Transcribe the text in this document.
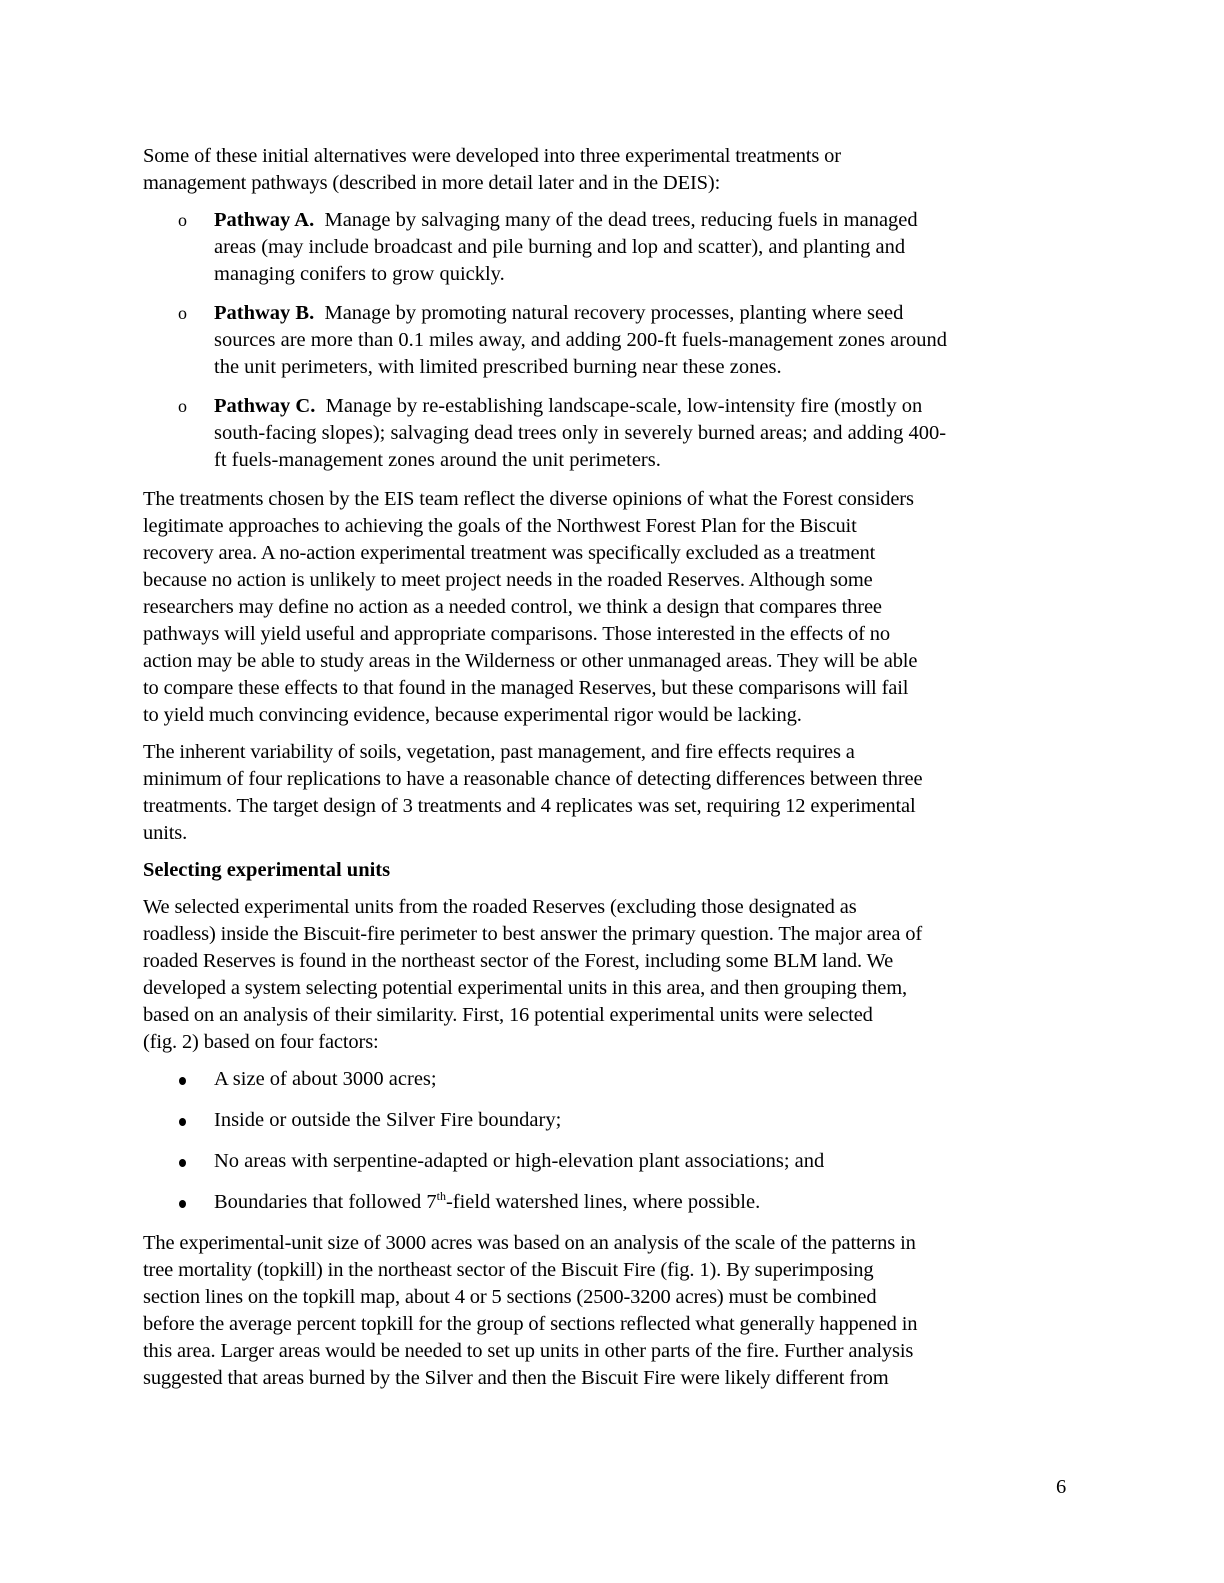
Some of these initial alternatives were developed into three experimental treatments or
management pathways (described in more detail later and in the DEIS):

o Pathway A. Manage by salvaging many of the dead trees, reducing fuels in managed
areas (may include broadcast and pile burning and lop and scatter), and planting and
managing conifers to grow quickly.
o Pathway B. Manage by promoting natural recovery processes, planting where seed
sources are more than 0.1 miles away, and adding 200-ft fuels-management zones around
the unit perimeters, with limited prescribed burning near these zones.
o Pathway C. Manage by re-establishing landscape-scale, low-intensity fire (mostly on
south-facing slopes); salvaging dead trees only in severely burned areas; and adding 400-
ft fuels-management zones around the unit perimeters.

The treatments chosen by the EIS team reflect the diverse opinions of what the Forest considers
legitimate approaches to achieving the goals of the Northwest Forest Plan for the Biscuit
recovery area. A no-action experimental treatment was specifically excluded as a treatment
because no action is unlikely to meet project needs in the roaded Reserves. Although some
researchers may define no action as a needed control, we think a design that compares three
pathways will yield useful and appropriate comparisons. Those interested in the effects of no
action may be able to study areas in the Wilderness or other unmanaged areas. They will be able
to compare these effects to that found in the managed Reserves, but these comparisons will fail
to yield much convincing evidence, because experimental rigor would be lacking.

The inherent variability of soils, vegetation, past management, and fire effects requires a
minimum of four replications to have a reasonable chance of detecting differences between three
treatments. The target design of 3 treatments and 4 replicates was set, requiring 12 experimental
units.

Selecting experimental units

We selected experimental units from the roaded Reserves (excluding those designated as
roadless) inside the Biscuit-fire perimeter to best answer the primary question. The major area of
roaded Reserves is found in the northeast sector of the Forest, including some BLM land. We
developed a system selecting potential experimental units in this area, and then grouping them,
based on an analysis of their similarity. First, 16 potential experimental units were selected
(fig. 2) based on four factors:

A size of about 3000 acres;
Inside or outside the Silver Fire boundary;
No areas with serpentine-adapted or high-elevation plant associations; and
Boundaries that followed 7th-field watershed lines, where possible.

The experimental-unit size of 3000 acres was based on an analysis of the scale of the patterns in
tree mortality (topkill) in the northeast sector of the Biscuit Fire (fig. 1). By superimposing
section lines on the topkill map, about 4 or 5 sections (2500-3200 acres) must be combined
before the average percent topkill for the group of sections reflected what generally happened in
this area. Larger areas would be needed to set up units in other parts of the fire. Further analysis
suggested that areas burned by the Silver and then the Biscuit Fire were likely different from

6
